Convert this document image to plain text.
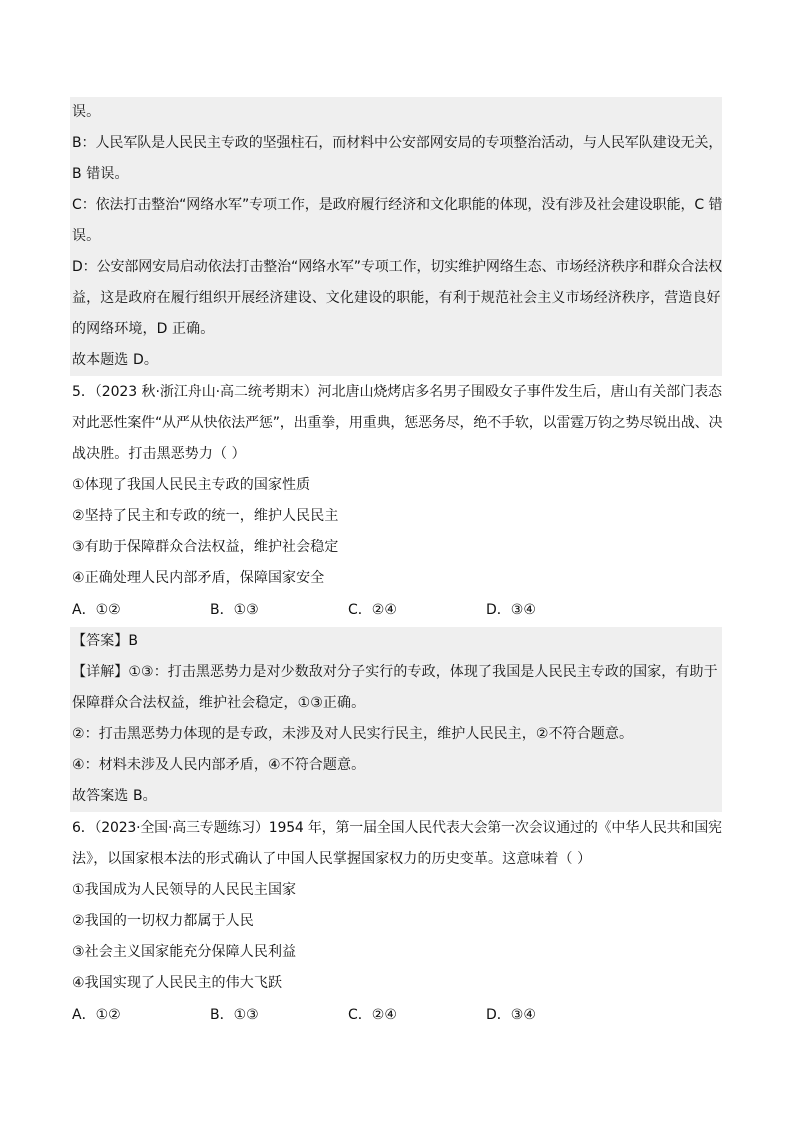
误。
B：人民军队是人民民主专政的坚强柱石，而材料中公安部网安局的专项整治活动，与人民军队建设无关，
B 错误。
C：依法打击整治“网络水军”专项工作，是政府履行经济和文化职能的体现，没有涉及社会建设职能，C 错
误。
D：公安部网安局启动依法打击整治“网络水军”专项工作，切实维护网络生态、市场经济秩序和群众合法权
益，这是政府在履行组织开展经济建设、文化建设的职能，有利于规范社会主义市场经济秩序，营造良好
的网络环境，D 正确。
故本题选 D。
5．（2023 秋·浙江舟山·高二统考期末）河北唐山烧烤店多名男子围殴女子事件发生后，唐山有关部门表态
对此恶性案件“从严从快依法严惩”，出重拳，用重典，惩恶务尽，绝不手软，以雷霆万钧之势尽锐出战、决
战决胜。打击黑恶势力（ ）
①体现了我国人民民主专政的国家性质
②坚持了民主和专政的统一，维护人民民主
③有助于保障群众合法权益，维护社会稳定
④正确处理人民内部矛盾，保障国家安全
A．①②	B．①③	C．②④	D．③④
【答案】B
【详解】①③：打击黑恶势力是对少数敌对分子实行的专政，体现了我国是人民民主专政的国家，有助于
保障群众合法权益，维护社会稳定，①③正确。
②：打击黑恶势力体现的是专政，未涉及对人民实行民主，维护人民民主，②不符合题意。
④：材料未涉及人民内部矛盾，④不符合题意。
故答案选 B。
6．（2023·全国·高三专题练习）1954 年，第一届全国人民代表大会第一次会议通过的《中华人民共和国宪
法》，以国家根本法的形式确认了中国人民掌握国家权力的历史变革。这意味着（ ）
①我国成为人民领导的人民民主国家
②我国的一切权力都属于人民
③社会主义国家能充分保障人民利益
④我国实现了人民民主的伟大飞跃
A．①②	B．①③	C．②④	D．③④
